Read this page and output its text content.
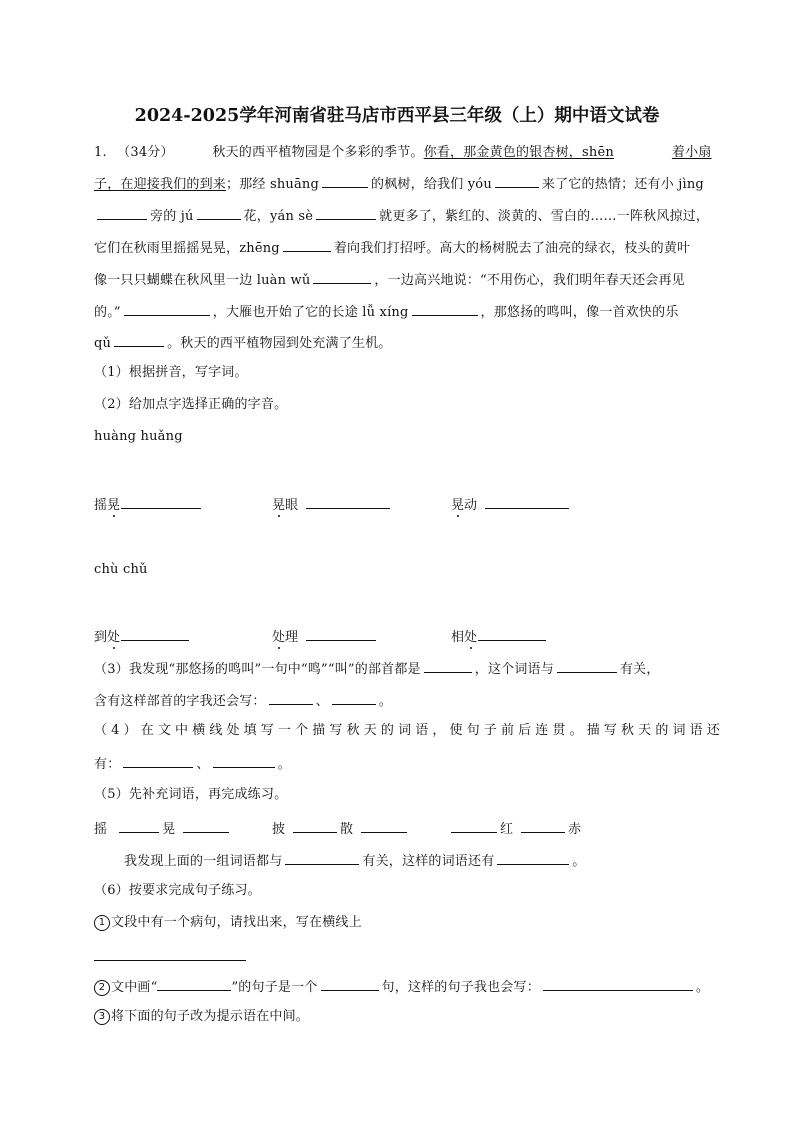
2024-2025学年河南省驻马店市西平县三年级（上）期中语文试卷
1. （34分）	秋天的西平植物园是个多彩的季节。你看，那金黄色的银杏树，shēn	着小扇
子，在迎接我们的到来；那经 shuāng	的枫树，给我们 yóu	来了它的热情；还有小 jìng
旁的 jú	花，yán sè	就更多了，紫红的、淡黄的、雪白的……一阵秋风掠过，
它们在秋雨里摇摇晃晃，zhēng	着向我们打招呼。高大的杨树脱去了油亮的绿衣，枝头的黄叶
像一只只蝴蝶在秋风里一边 luàn wǔ	，一边高兴地说：“不用伤心，我们明年春天还会再见
的。”	，大雁也开始了它的长途 lǚ xíng	，那悠扬的鸣叫，像一首欢快的乐
qǔ	。秋天的西平植物园到处充满了生机。
（1）根据拼音，写字词。
（2）给加点字选择正确的字音。
huàng huǎng
摇晃	晃眼	晃动
chù chǔ
到处	处理	相处
（3）我发现“那悠扬的鸣叫”一句中“鸣”“叫”的部首都是	，这个词语与	有关，
含有这样部首的字我还会写：	、	。
（4）在文中横线处填写一个描写秋天的词语，使句子前后连贯。描写秋天的词语还
有：	、	。
（5）先补充词语，再完成练习。
摇	晃	披	散	红	赤
我发现上面的一组词语都与	有关，这样的词语还有	。
（6）按要求完成句子练习。
1 文段中有一个病句，请找出来，写在横线上
2 文中画“	”的句子是一个	句，这样的句子我也会写：	。
3 将下面的句子改为提示语在中间。
